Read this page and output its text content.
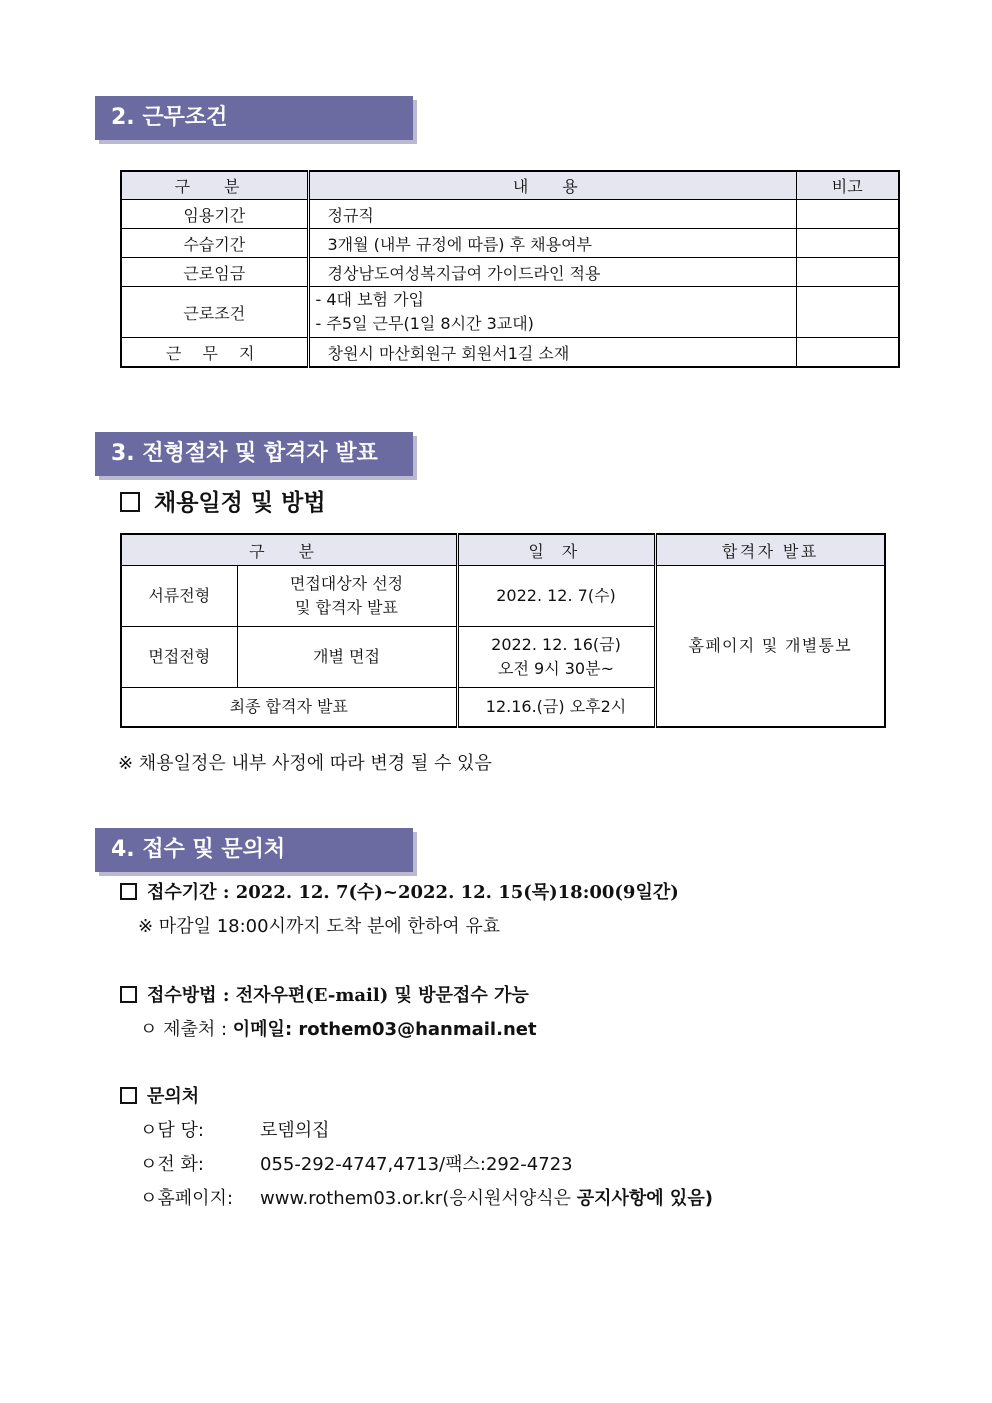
2. 근무조건
구 분	내 용	비고
임용기간	정규직	
수습기간	3개월 (내부 규정에 따름) 후 채용여부	
근로임금	경상남도여성복지급여 가이드라인 적용	
근로조건	- 4대 보험 가입
- 주5일 근무(1일 8시간 3교대)	

근 무 지	창원시 마산회원구 회원서1길 소재	
3. 전형절차 및 합격자 발표
채용일정 및 방법
구 분		일 자	합격자 발표
서류전형	면접대상자 선정
및 합격자 발표	2022. 12. 7(수)	홈페이지 및 개별통보
면접전형	개별 면접	2022. 12. 16(금)
오전 9시 30분~	

최종 합격자 발표		12.16.(금) 오후2시	
※ 채용일정은 내부 사정에 따라 변경 될 수 있음
4. 접수 및 문의처
접수기간 : 2022. 12. 7(수)~2022. 12. 15(목)18:00(9일간)
※ 마감일 18:00시까지 도착 분에 한하여 유효
접수방법 : 전자우편(E-mail) 및 방문접수 가능
ㅇ 제출처 : 이메일: rothem03@hanmail.net
문의처
ㅇ담 당:	로뎀의집
ㅇ전 화:	055-292-4747,4713/팩스:292-4723
ㅇ홈페이지: www.rothem03.or.kr(응시원서양식은 공지사항에 있음)
